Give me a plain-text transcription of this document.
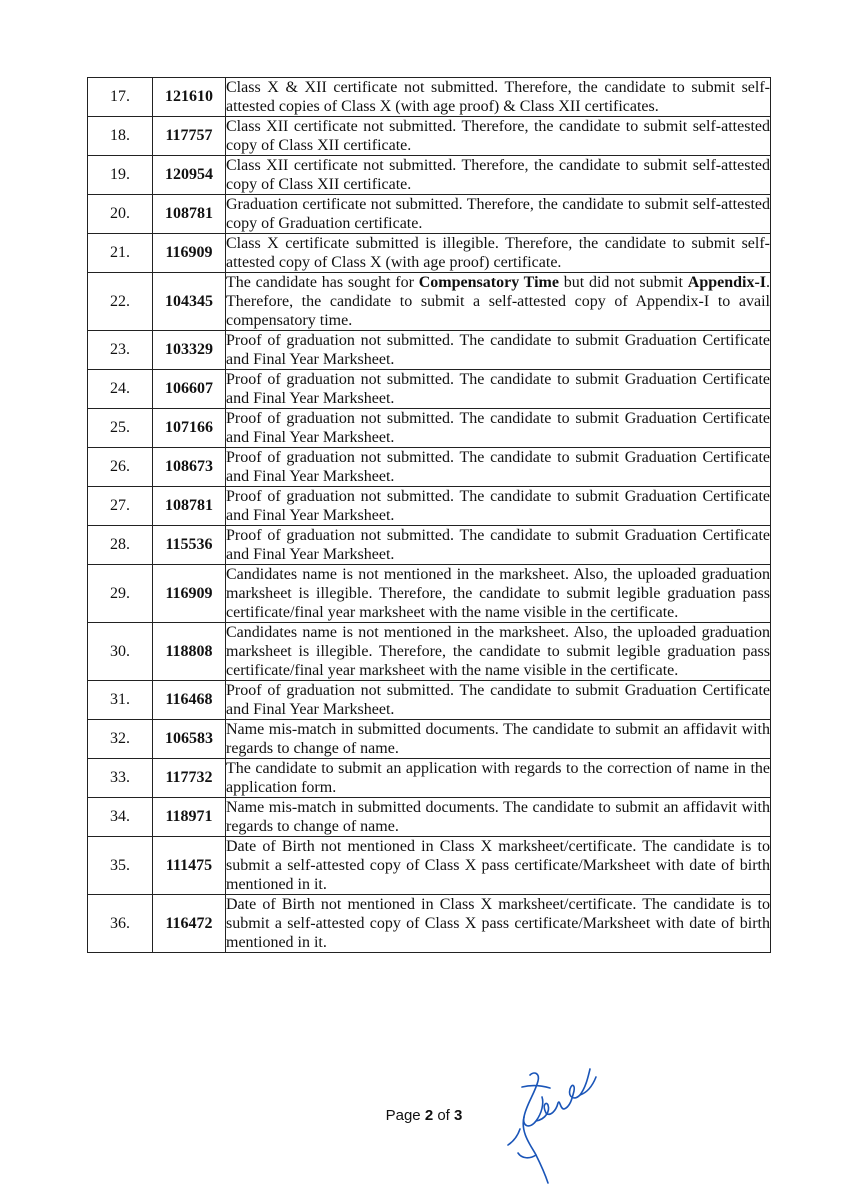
17.	121610	Class X & XII certificate not submitted. Therefore, the candidate to submit self-attested copies of Class X (with age proof) & Class XII certificates.
18.	117757	Class XII certificate not submitted. Therefore, the candidate to submit self-attested copy of Class XII certificate.
19.	120954	Class XII certificate not submitted. Therefore, the candidate to submit self-attested copy of Class XII certificate.
20.	108781	Graduation certificate not submitted. Therefore, the candidate to submit self-attested copy of Graduation certificate.
21.	116909	Class X certificate submitted is illegible. Therefore, the candidate to submit self-attested copy of Class X (with age proof) certificate.
22.	104345	The candidate has sought for Compensatory Time but did not submit Appendix-I. Therefore, the candidate to submit a self-attested copy of Appendix-I to avail compensatory time.
23.	103329	Proof of graduation not submitted. The candidate to submit Graduation Certificate and Final Year Marksheet.
24.	106607	Proof of graduation not submitted. The candidate to submit Graduation Certificate and Final Year Marksheet.
25.	107166	Proof of graduation not submitted. The candidate to submit Graduation Certificate and Final Year Marksheet.
26.	108673	Proof of graduation not submitted. The candidate to submit Graduation Certificate and Final Year Marksheet.
27.	108781	Proof of graduation not submitted. The candidate to submit Graduation Certificate and Final Year Marksheet.
28.	115536	Proof of graduation not submitted. The candidate to submit Graduation Certificate and Final Year Marksheet.
29.	116909	Candidates name is not mentioned in the marksheet. Also, the uploaded graduation marksheet is illegible. Therefore, the candidate to submit legible graduation pass certificate/final year marksheet with the name visible in the certificate.
30.	118808	Candidates name is not mentioned in the marksheet. Also, the uploaded graduation marksheet is illegible. Therefore, the candidate to submit legible graduation pass certificate/final year marksheet with the name visible in the certificate.
31.	116468	Proof of graduation not submitted. The candidate to submit Graduation Certificate and Final Year Marksheet.
32.	106583	Name mis-match in submitted documents. The candidate to submit an affidavit with regards to change of name.
33.	117732	The candidate to submit an application with regards to the correction of name in the application form.
34.	118971	Name mis-match in submitted documents. The candidate to submit an affidavit with regards to change of name.
35.	111475	Date of Birth not mentioned in Class X marksheet/certificate. The candidate is to submit a self-attested copy of Class X pass certificate/Marksheet with date of birth mentioned in it.
36.	116472	Date of Birth not mentioned in Class X marksheet/certificate. The candidate is to submit a self-attested copy of Class X pass certificate/Marksheet with date of birth mentioned in it.
Page 2 of 3
